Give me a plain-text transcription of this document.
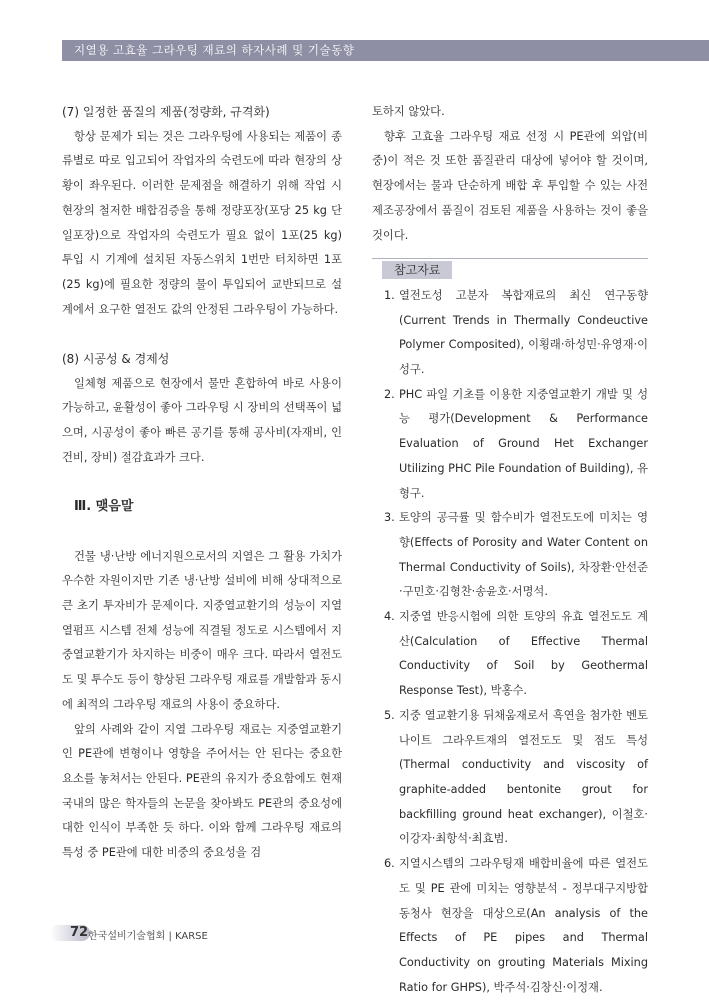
지열용 고효율 그라우팅 재료의 하자사례 및 기술동향

(7) 일정한 품질의 제품(정량화, 규격화)

항상 문제가 되는 것은 그라우팅에 사용되는 제품이 종류별로 따로 입고되어 작업자의 숙련도에 따라 현장의 상황이 좌우된다. 이러한 문제점을 해결하기 위해 작업 시 현장의 철저한 배합검증을 통해 정량포장(포당 25 kg 단일포장)으로 작업자의 숙련도가 필요 없이 1포(25 kg) 투입 시 기계에 설치된 자동스위치 1번만 터치하면 1포(25 kg)에 필요한 정량의 물이 투입되어 교반되므로 설계에서 요구한 열전도 값의 안정된 그라우팅이 가능하다.

(8) 시공성 & 경제성

일체형 제품으로 현장에서 물만 혼합하여 바로 사용이 가능하고, 윤활성이 좋아 그라우팅 시 장비의 선택폭이 넓으며, 시공성이 좋아 빠른 공기를 통해 공사비(자재비, 인건비, 장비) 절감효과가 크다.

Ⅲ. 맺음말

건물 냉·난방 에너지원으로서의 지열은 그 활용 가치가 우수한 자원이지만 기존 냉·난방 설비에 비해 상대적으로 큰 초기 투자비가 문제이다. 지중열교환기의 성능이 지열 열펌프 시스템 전체 성능에 직결될 정도로 시스템에서 지중열교환기가 차지하는 비중이 매우 크다. 따라서 열전도도 및 투수도 등이 향상된 그라우팅 재료를 개발함과 동시에 최적의 그라우팅 재료의 사용이 중요하다.

앞의 사례와 같이 지열 그라우팅 재료는 지중열교환기인 PE관에 변형이나 영향을 주어서는 안 된다는 중요한 요소를 놓쳐서는 안된다. PE관의 유지가 중요함에도 현재 국내의 많은 학자들의 논문을 찾아봐도 PE관의 중요성에 대한 인식이 부족한 듯 하다. 이와 함께 그라우팅 재료의 특성 중 PE관에 대한 비중의 중요성을 검

토하지 않았다.

향후 고효율 그라우팅 재료 선정 시 PE관에 외압(비중)이 적은 것 또한 품질관리 대상에 넣어야 할 것이며, 현장에서는 물과 단순하게 배합 후 투입할 수 있는 사전 제조공장에서 품질이 검토된 제품을 사용하는 것이 좋을 것이다.

참고자료
1. 열전도성 고분자 복합재료의 최신 연구동향(Current Trends in Thermally Condeuctive Polymer Composited), 이횡래·하성민·유영재·이성구.
2. PHC 파일 기초를 이용한 지중열교환기 개발 및 성능 평가(Development & Performance Evaluation of Ground Het Exchanger Utilizing PHC Pile Foundation of Building), 유형구.
3. 토양의 공극률 및 함수비가 열전도도에 미치는 영향(Effects of Porosity and Water Content on Thermal Conductivity of Soils), 차장환·안선준·구민호·김형찬·송윤호·서명석.
4. 지중열 반응시험에 의한 토양의 유효 열전도도 계산(Calculation of Effective Thermal Conductivity of Soil by Geothermal Response Test), 박홍수.
5. 지중 열교환기용 뒤채움재로서 흑연을 첨가한 벤토나이트 그라우트재의 열전도도 및 점도 특성(Thermal conductivity and viscosity of graphite-added bentonite grout for backfilling ground heat exchanger), 이철호·이강자·최항석·최효범.
6. 지열시스템의 그라우팅재 배합비율에 따른 열전도도 및 PE 관에 미치는 영향분석 - 정부대구지방합동청사 현장을 대상으로(An analysis of the Effects of PE pipes and Thermal Conductivity on grouting Materials Mixing Ratio for GHPS), 박주석·김창신·이정재.
72 한국설비기술협회 | KARSE
